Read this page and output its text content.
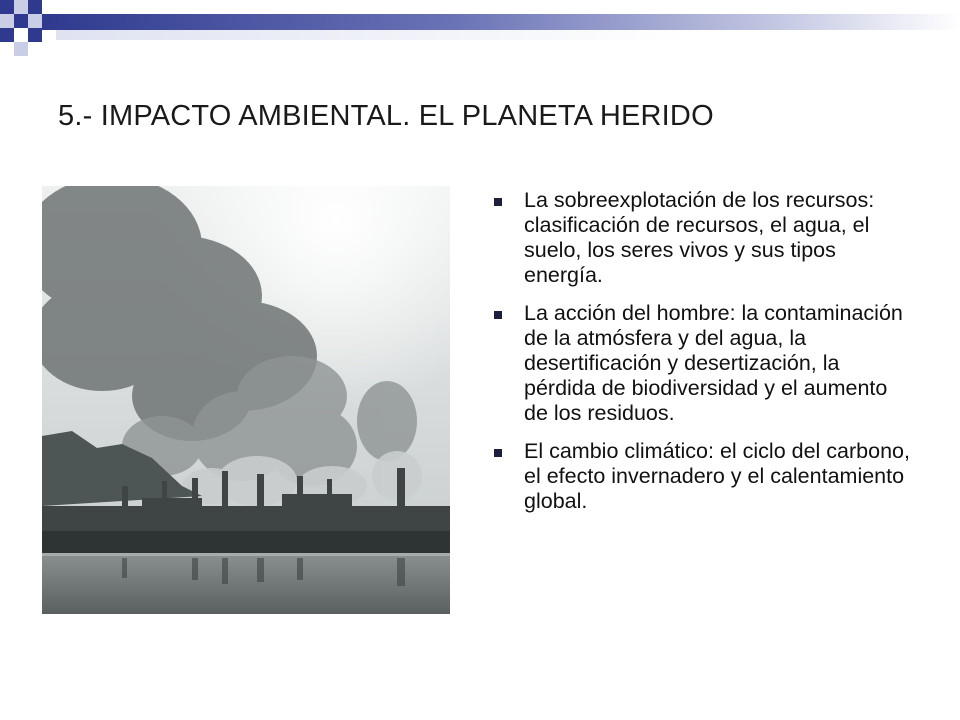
5.- IMPACTO AMBIENTAL. EL PLANETA HERIDO
La sobreexplotación de los recursos: clasificación de recursos, el agua, el suelo, los seres vivos y sus tipos energía.
La acción del hombre: la contaminación de la atmósfera y del agua, la desertificación y desertización, la pérdida de biodiversidad y el aumento de los residuos.
El cambio climático: el ciclo del carbono, el efecto invernadero y el calentamiento global.
